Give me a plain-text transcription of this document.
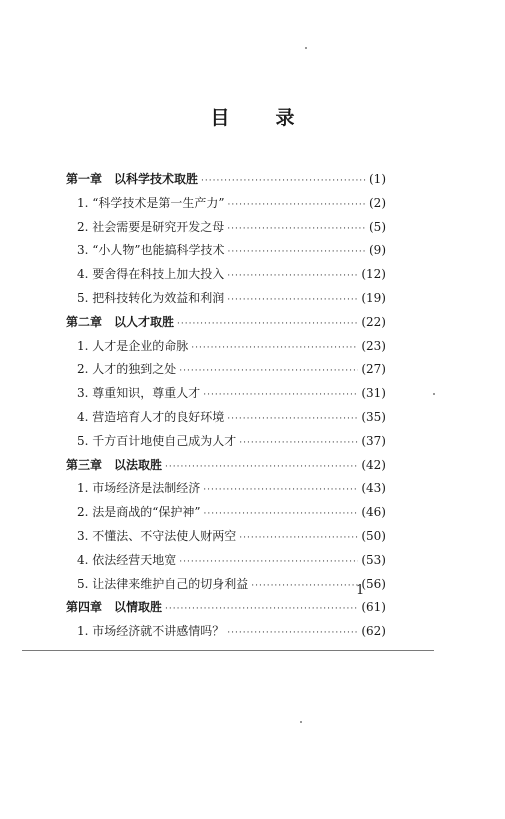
目 录
第一章　以科学技术取胜 ·····	(1)
1. “科学技术是第一生产力” ·····	(2)
2. 社会需要是研究开发之母 ·····	(5)
3. “小人物”也能搞科学技术 ·····	(9)
4. 要舍得在科技上加大投入 ·····	(12)
5. 把科技转化为效益和利润 ·····	(19)
第二章　以人才取胜 ·····	(22)
1. 人才是企业的命脉 ·····	(23)
2. 人才的独到之处 ·····	(27)
3. 尊重知识，尊重人才 ·····	(31)
4. 营造培育人才的良好环境 ·····	(35)
5. 千方百计地使自己成为人才 ·····	(37)
第三章　以法取胜 ·····	(42)
1. 市场经济是法制经济 ·····	(43)
2. 法是商战的“保护神” ·····	(46)
3. 不懂法、不守法使人财两空 ·····	(50)
4. 依法经营天地宽 ·····	(53)
5. 让法律来维护自己的切身利益 ·····	(56)
第四章　以情取胜 ·····	(61)
1. 市场经济就不讲感情吗？ ·····	(62)
1
